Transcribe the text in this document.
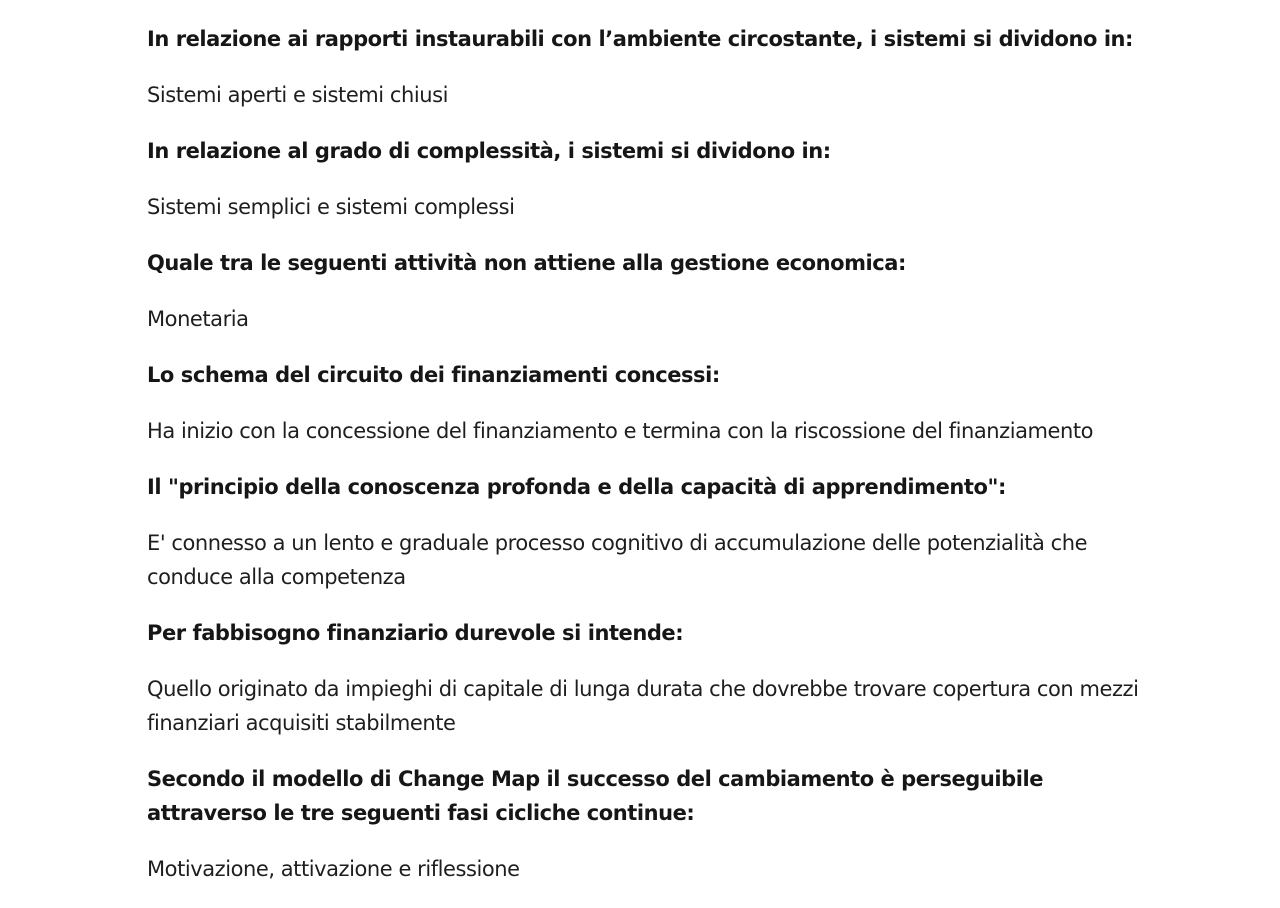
In relazione ai rapporti instaurabili con l’ambiente circostante, i sistemi si dividono in:

Sistemi aperti e sistemi chiusi

In relazione al grado di complessità, i sistemi si dividono in:

Sistemi semplici e sistemi complessi

Quale tra le seguenti attività non attiene alla gestione economica:

Monetaria

Lo schema del circuito dei finanziamenti concessi:

Ha inizio con la concessione del finanziamento e termina con la riscossione del finanziamento

Il "principio della conoscenza profonda e della capacità di apprendimento":

E' connesso a un lento e graduale processo cognitivo di accumulazione delle potenzialità che conduce alla competenza

Per fabbisogno finanziario durevole si intende:

Quello originato da impieghi di capitale di lunga durata che dovrebbe trovare copertura con mezzi finanziari acquisiti stabilmente

Secondo il modello di Change Map il successo del cambiamento è perseguibile attraverso le tre seguenti fasi cicliche continue:

Motivazione, attivazione e riflessione
